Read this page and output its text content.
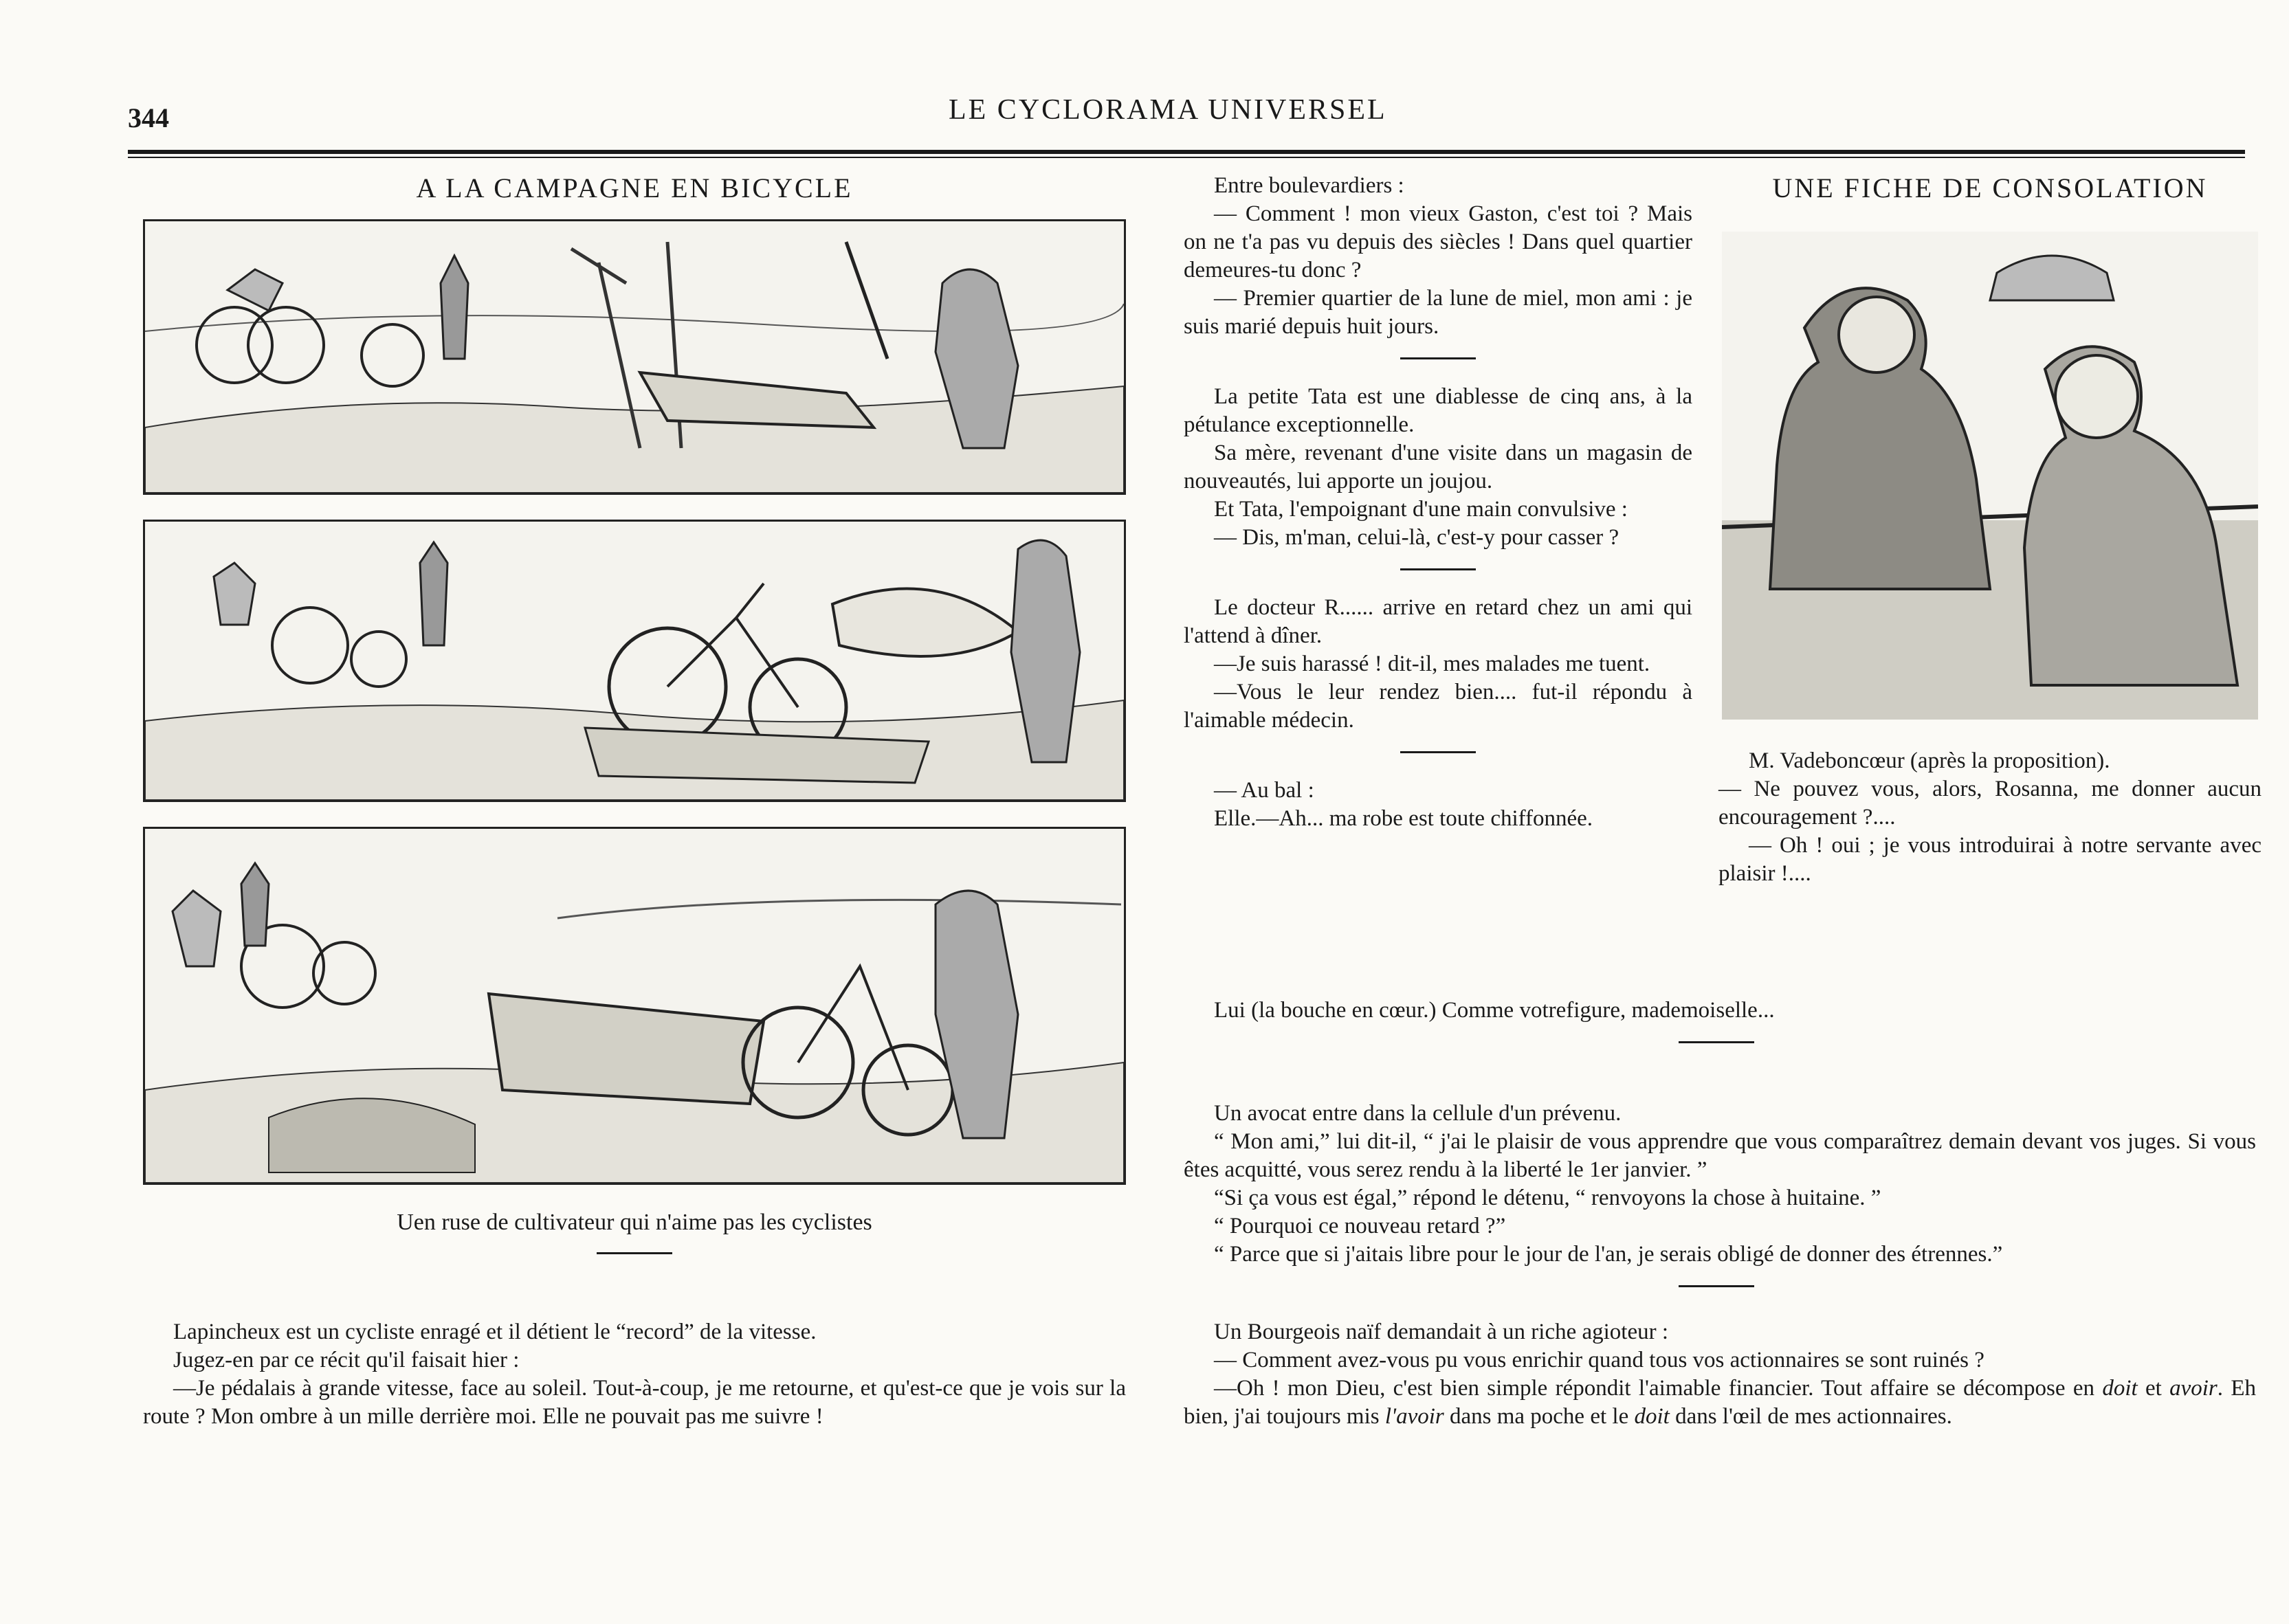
344	LE CYCLORAMA UNIVERSEL
A LA CAMPAGNE EN BICYCLE
Uen ruse de cultivateur qui n'aime pas les cyclistes

Lapincheux est un cycliste enragé et il détient le “record” de la vitesse.

Jugez-en par ce récit qu'il faisait hier :

—Je pédalais à grande vitesse, face au soleil. Tout-à-coup, je me retourne, et qu'est-ce que je vois sur la route ? Mon ombre à un mille derrière moi. Elle ne pouvait pas me suivre !

Entre boulevardiers :

— Comment ! mon vieux Gaston, c'est toi ? Mais on ne t'a pas vu depuis des siècles ! Dans quel quartier demeures-tu donc ?

— Premier quartier de la lune de miel, mon ami : je suis marié depuis huit jours.

La petite Tata est une diablesse de cinq ans, à la pétulance exceptionnelle.

Sa mère, revenant d'une visite dans un magasin de nouveautés, lui apporte un joujou.

Et Tata, l'empoignant d'une main convulsive :

— Dis, m'man, celui-là, c'est-y pour casser ?

Le docteur R...... arrive en retard chez un ami qui l'attend à dîner.

—Je suis harassé ! dit-il, mes malades me tuent.

—Vous le leur rendez bien.... fut-il répondu à l'aimable médecin.

— Au bal :

Elle.—Ah... ma robe est toute chiffonnée.

UNE FICHE DE CONSOLATION

M. Vadeboncœur (après la proposition).

— Ne pouvez vous, alors, Rosanna, me donner aucun encouragement ?....

— Oh ! oui ; je vous introduirai à notre servante avec plaisir !....

Lui (la bouche en cœur.) Comme votrefigure, mademoiselle...

Un avocat entre dans la cellule d'un prévenu.

“ Mon ami,” lui dit-il, “ j'ai le plaisir de vous apprendre que vous comparaîtrez demain devant vos juges. Si vous êtes acquitté, vous serez rendu à la liberté le 1er janvier. ”

“Si ça vous est égal,” répond le détenu, “ renvoyons la chose à huitaine. ”

“ Pourquoi ce nouveau retard ?”

“ Parce que si j'aitais libre pour le jour de l'an, je serais obligé de donner des étrennes.”

Un Bourgeois naïf demandait à un riche agioteur :

— Comment avez-vous pu vous enrichir quand tous vos actionnaires se sont ruinés ?

—Oh ! mon Dieu, c'est bien simple répondit l'aimable financier. Tout affaire se décompose en doit et avoir. Eh bien, j'ai toujours mis l'avoir dans ma poche et le doit dans l'œil de mes actionnaires.
